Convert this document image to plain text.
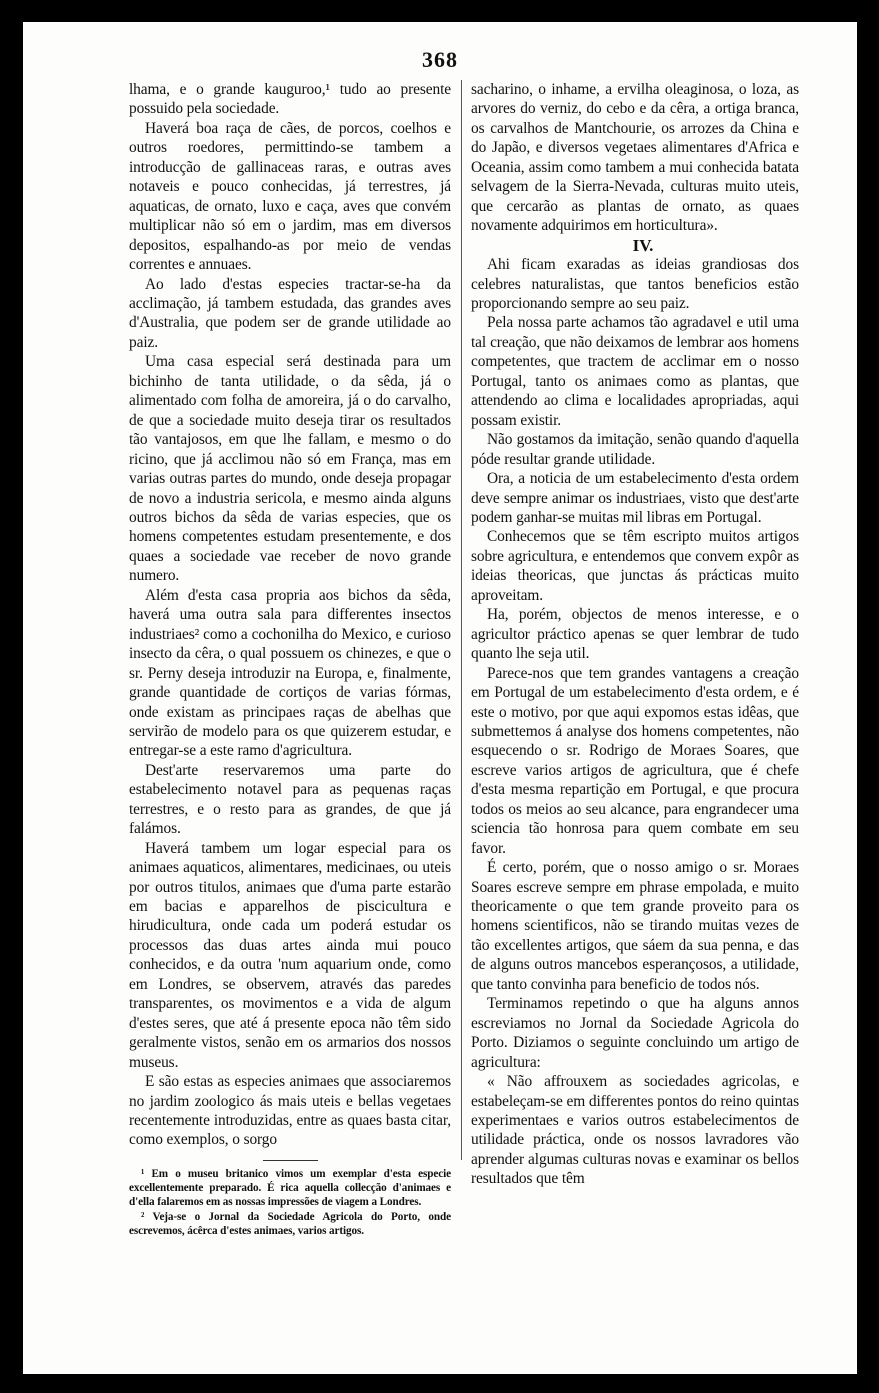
368

lhama, e o grande kauguroo,¹ tudo ao presente possuido pela sociedade.

Haverá boa raça de cães, de porcos, coelhos e outros roedores, permittindo-se tambem a introducção de gallinaceas raras, e outras aves notaveis e pouco conhecidas, já terrestres, já aquaticas, de ornato, luxo e caça, aves que convém multiplicar não só em o jardim, mas em diversos depositos, espalhando-as por meio de vendas correntes e annuaes.

Ao lado d'estas especies tractar-se-ha da acclimação, já tambem estudada, das grandes aves d'Australia, que podem ser de grande utilidade ao paiz.

Uma casa especial será destinada para um bichinho de tanta utilidade, o da sêda, já o alimentado com folha de amoreira, já o do carvalho, de que a sociedade muito deseja tirar os resultados tão vantajosos, em que lhe fallam, e mesmo o do ricino, que já acclimou não só em França, mas em varias outras partes do mundo, onde deseja propagar de novo a industria sericola, e mesmo ainda alguns outros bichos da sêda de varias especies, que os homens competentes estudam presentemente, e dos quaes a sociedade vae receber de novo grande numero.

Além d'esta casa propria aos bichos da sêda, haverá uma outra sala para differentes insectos industriaes² como a cochonilha do Mexico, e curioso insecto da cêra, o qual possuem os chinezes, e que o sr. Perny deseja introduzir na Europa, e, finalmente, grande quantidade de cortiços de varias fórmas, onde existam as principaes raças de abelhas que servirão de modelo para os que quizerem estudar, e entregar-se a este ramo d'agricultura.

Dest'arte reservaremos uma parte do estabelecimento notavel para as pequenas raças terrestres, e o resto para as grandes, de que já falámos.

Haverá tambem um logar especial para os animaes aquaticos, alimentares, medicinaes, ou uteis por outros titulos, animaes que d'uma parte estarão em bacias e apparelhos de piscicultura e hirudicultura, onde cada um poderá estudar os processos das duas artes ainda mui pouco conhecidos, e da outra 'num aquarium onde, como em Londres, se observem, através das paredes transparentes, os movimentos e a vida de algum d'estes seres, que até á presente epoca não têm sido geralmente vistos, senão em os armarios dos nossos museus.

E são estas as especies animaes que associaremos no jardim zoologico ás mais uteis e bellas vegetaes recentemente introduzidas, entre as quaes basta citar, como exemplos, o sorgo

¹ Em o museu britanico vimos um exemplar d'esta especie excellentemente preparado. É rica aquella collecção d'animaes e d'ella falaremos em as nossas impressões de viagem a Londres.

² Veja-se o Jornal da Sociedade Agricola do Porto, onde escrevemos, ácêrca d'estes animaes, varios artigos.

sacharino, o inhame, a ervilha oleaginosa, o loza, as arvores do verniz, do cebo e da cêra, a ortiga branca, os carvalhos de Mantchourie, os arrozes da China e do Japão, e diversos vegetaes alimentares d'Africa e Oceania, assim como tambem a mui conhecida batata selvagem de la Sierra-Nevada, culturas muito uteis, que cercarão as plantas de ornato, as quaes novamente adquirimos em horticultura».

IV.

Ahi ficam exaradas as ideias grandiosas dos celebres naturalistas, que tantos beneficios estão proporcionando sempre ao seu paiz.

Pela nossa parte achamos tão agradavel e util uma tal creação, que não deixamos de lembrar aos homens competentes, que tractem de acclimar em o nosso Portugal, tanto os animaes como as plantas, que attendendo ao clima e localidades apropriadas, aqui possam existir.

Não gostamos da imitação, senão quando d'aquella póde resultar grande utilidade.

Ora, a noticia de um estabelecimento d'esta ordem deve sempre animar os industriaes, visto que dest'arte podem ganhar-se muitas mil libras em Portugal.

Conhecemos que se têm escripto muitos artigos sobre agricultura, e entendemos que convem expôr as ideias theoricas, que junctas ás prácticas muito aproveitam.

Ha, porém, objectos de menos interesse, e o agricultor práctico apenas se quer lembrar de tudo quanto lhe seja util.

Parece-nos que tem grandes vantagens a creação em Portugal de um estabelecimento d'esta ordem, e é este o motivo, por que aqui expomos estas idêas, que submettemos á analyse dos homens competentes, não esquecendo o sr. Rodrigo de Moraes Soares, que escreve varios artigos de agricultura, que é chefe d'esta mesma repartição em Portugal, e que procura todos os meios ao seu alcance, para engrandecer uma sciencia tão honrosa para quem combate em seu favor.

É certo, porém, que o nosso amigo o sr. Moraes Soares escreve sempre em phrase empolada, e muito theoricamente o que tem grande proveito para os homens scientificos, não se tirando muitas vezes de tão excellentes artigos, que sáem da sua penna, e das de alguns outros mancebos esperançosos, a utilidade, que tanto convinha para beneficio de todos nós.

Terminamos repetindo o que ha alguns annos escreviamos no Jornal da Sociedade Agricola do Porto. Diziamos o seguinte concluindo um artigo de agricultura:

« Não affrouxem as sociedades agricolas, e estabeleçam-se em differentes pontos do reino quintas experimentaes e varios outros estabelecimentos de utilidade práctica, onde os nossos lavradores vão aprender algumas culturas novas e examinar os bellos resultados que têm
